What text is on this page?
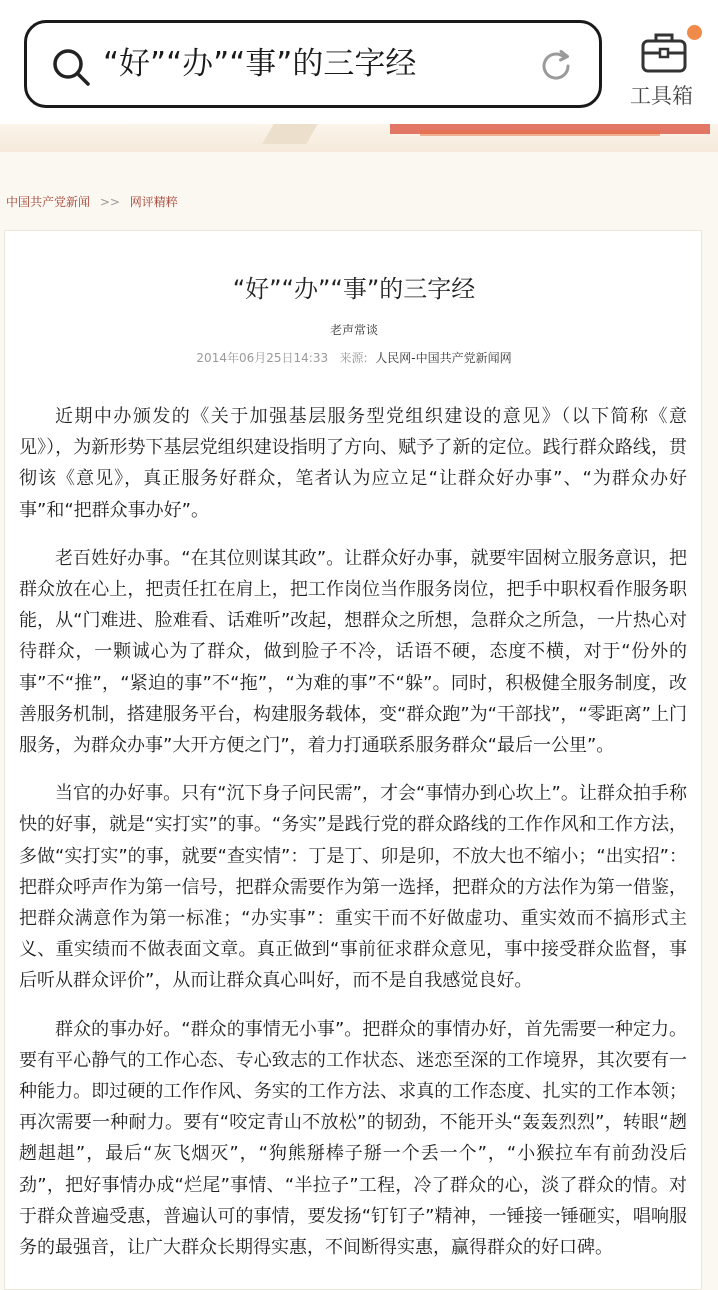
“好”“办”“事”的三字经
工具箱
中国共产党新闻 >> 网评精粹
“好”“办”“事”的三字经
老声常谈
2014年06月25日14:33 来源: 人民网-中国共产党新闻网

近期中办颁发的《关于加强基层服务型党组织建设的意见》（以下简称《意见》），为新形势下基层党组织建设指明了方向、赋予了新的定位。践行群众路线，贯彻该《意见》，真正服务好群众，笔者认为应立足“让群众好办事”、“为群众办好事”和“把群众事办好”。

老百姓好办事。“在其位则谋其政”。让群众好办事，就要牢固树立服务意识，把群众放在心上，把责任扛在肩上，把工作岗位当作服务岗位，把手中职权看作服务职能，从“门难进、脸难看、话难听”改起，想群众之所想，急群众之所急，一片热心对待群众，一颗诚心为了群众，做到脸子不冷，话语不硬，态度不横，对于“份外的事”不“推”，“紧迫的事”不“拖”，“为难的事”不“躲”。同时，积极健全服务制度，改善服务机制，搭建服务平台，构建服务载体，变“群众跑”为“干部找”，“零距离”上门服务，为群众办事”大开方便之门”，着力打通联系服务群众“最后一公里”。

当官的办好事。只有“沉下身子问民需”，才会“事情办到心坎上”。让群众拍手称快的好事，就是“实打实”的事。“务实”是践行党的群众路线的工作作风和工作方法，多做“实打实”的事，就要“查实情”：丁是丁、卯是卯，不放大也不缩小；“出实招”：把群众呼声作为第一信号，把群众需要作为第一选择，把群众的方法作为第一借鉴，把群众满意作为第一标准；“办实事”：重实干而不好做虚功、重实效而不搞形式主义、重实绩而不做表面文章。真正做到“事前征求群众意见，事中接受群众监督，事后听从群众评价”，从而让群众真心叫好，而不是自我感觉良好。

群众的事办好。“群众的事情无小事”。把群众的事情办好，首先需要一种定力。要有平心静气的工作心态、专心致志的工作状态、迷恋至深的工作境界，其次要有一种能力。即过硬的工作作风、务实的工作方法、求真的工作态度、扎实的工作本领；再次需要一种耐力。要有“咬定青山不放松”的韧劲，不能开头“轰轰烈烈”，转眼“趔趔趄趄”，最后“灰飞烟灭”，“狗熊掰棒子掰一个丢一个”，“小猴拉车有前劲没后劲”，把好事情办成“烂尾”事情、“半拉子”工程，冷了群众的心，淡了群众的情。对于群众普遍受惠，普遍认可的事情，要发扬“钉钉子”精神，一锤接一锤砸实，唱响服务的最强音，让广大群众长期得实惠，不间断得实惠，赢得群众的好口碑。
